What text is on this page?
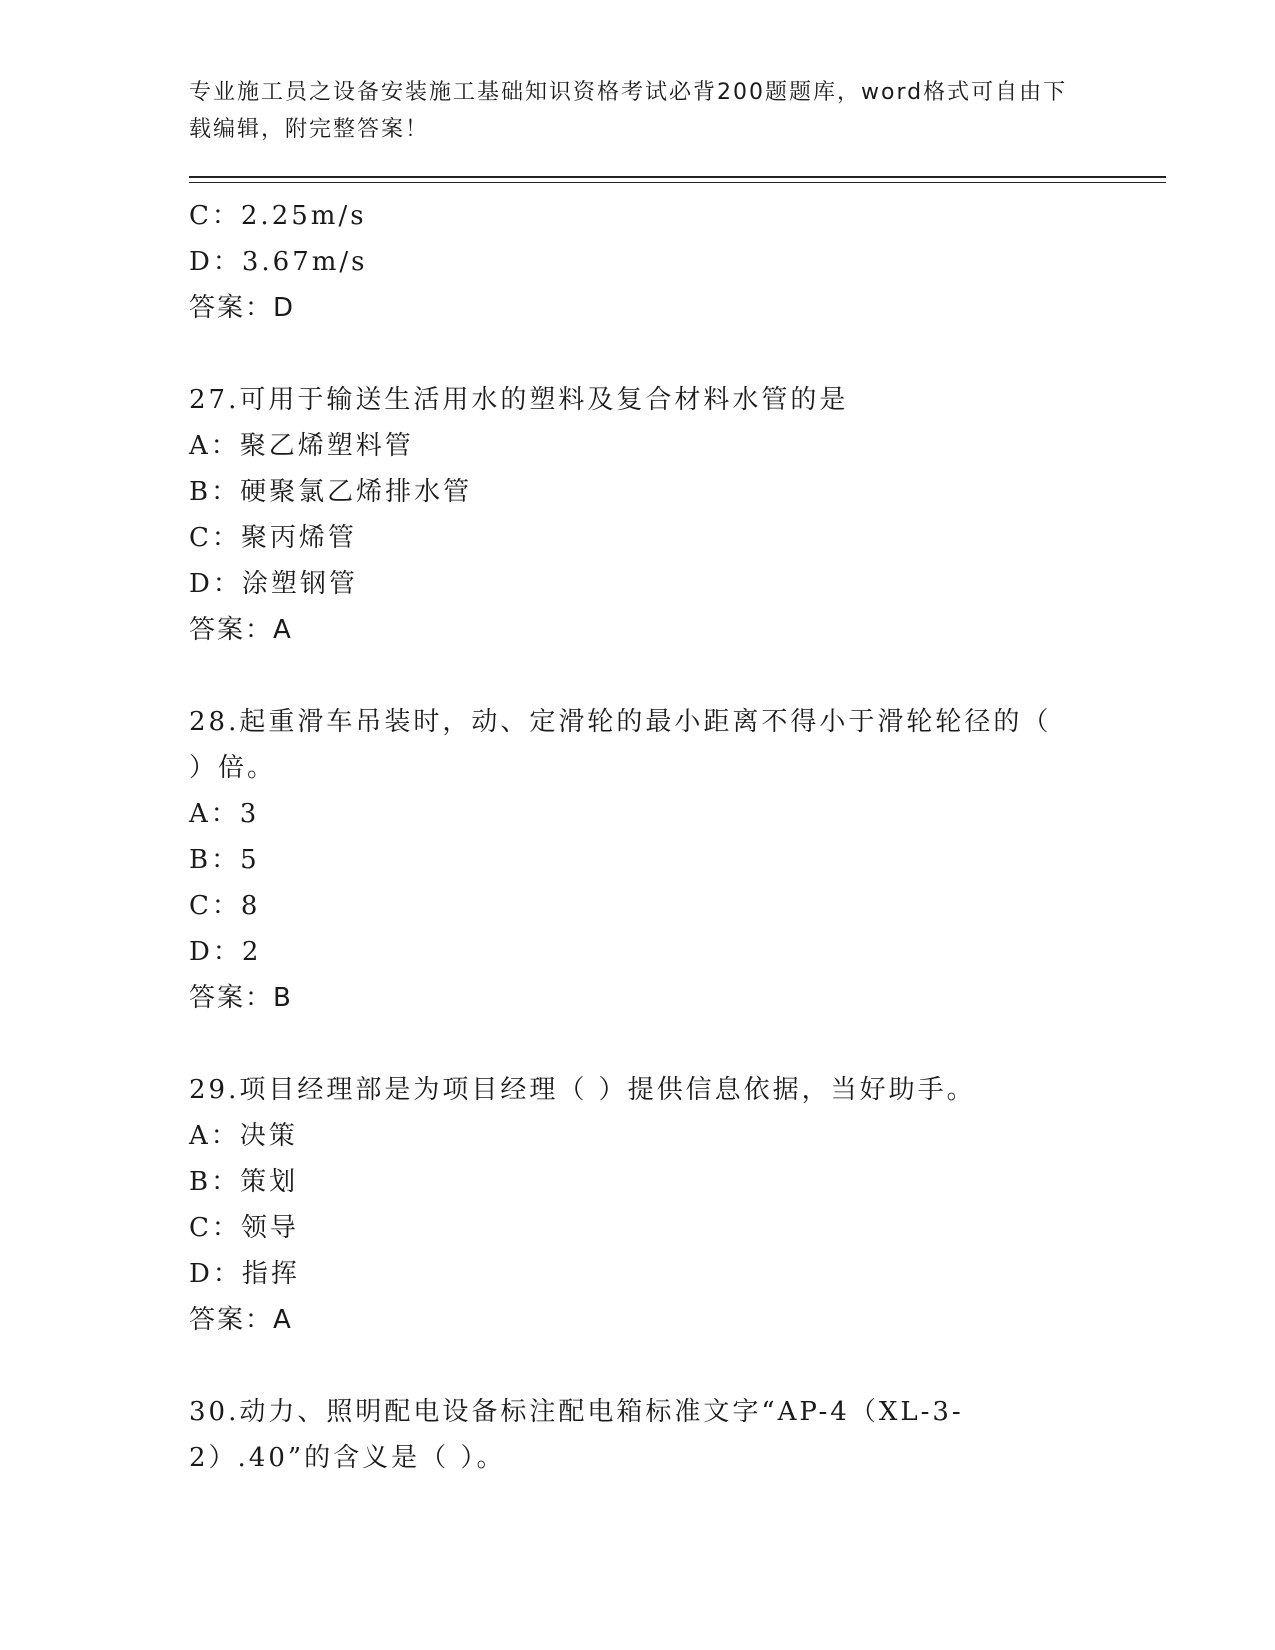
专业施工员之设备安装施工基础知识资格考试必背200题题库，word格式可自由下载编辑，附完整答案！
C：2.25m/s
D：3.67m/s
答案：D
27.可用于输送生活用水的塑料及复合材料水管的是
A：聚乙烯塑料管
B：硬聚氯乙烯排水管
C：聚丙烯管
D：涂塑钢管
答案：A
28.起重滑车吊装时，动、定滑轮的最小距离不得小于滑轮轮径的（ ）倍。
A：3
B：5
C：8
D：2
答案：B
29.项目经理部是为项目经理（ ）提供信息依据，当好助手。
A：决策
B：策划
C：领导
D：指挥
答案：A
30.动力、照明配电设备标注配电箱标准文字“AP-4（XL-3-2）.40”的含义是（ ）。
